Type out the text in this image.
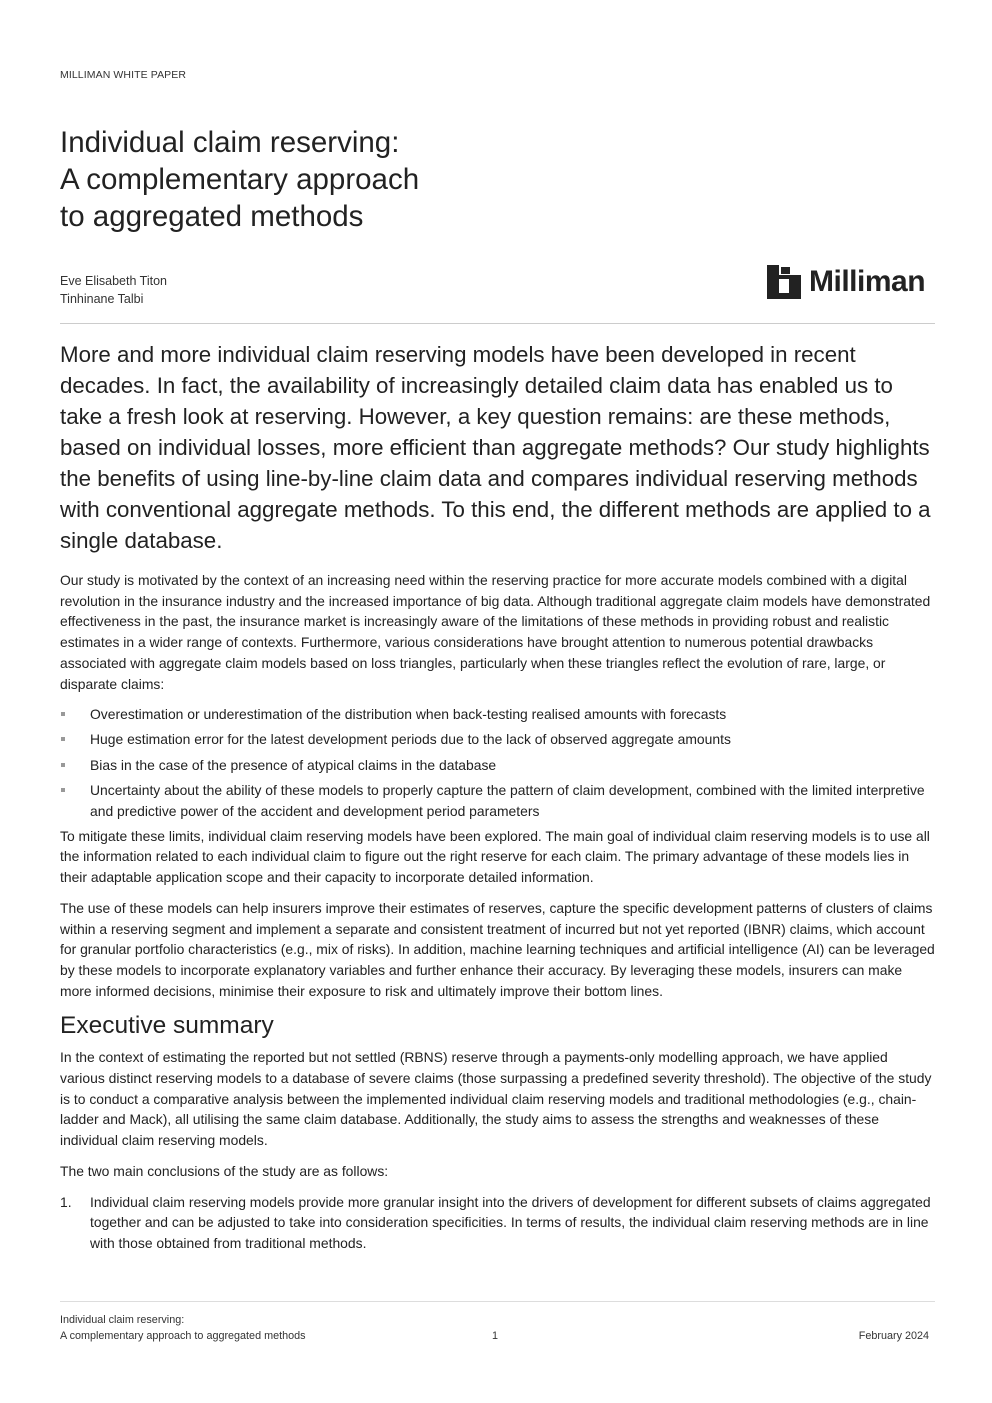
MILLIMAN WHITE PAPER
Individual claim reserving:
A complementary approach
to aggregated methods
Eve Elisabeth Titon
Tinhinane Talbi
Milliman

More and more individual claim reserving models have been developed in recent decades. In fact, the availability of increasingly detailed claim data has enabled us to take a fresh look at reserving. However, a key question remains: are these methods, based on individual losses, more efficient than aggregate methods? Our study highlights the benefits of using line-by-line claim data and compares individual reserving methods with conventional aggregate methods. To this end, the different methods are applied to a single database.

Our study is motivated by the context of an increasing need within the reserving practice for more accurate models combined with a digital revolution in the insurance industry and the increased importance of big data. Although traditional aggregate claim models have demonstrated effectiveness in the past, the insurance market is increasingly aware of the limitations of these methods in providing robust and realistic estimates in a wider range of contexts. Furthermore, various considerations have brought attention to numerous potential drawbacks associated with aggregate claim models based on loss triangles, particularly when these triangles reflect the evolution of rare, large, or disparate claims:

Overestimation or underestimation of the distribution when back-testing realised amounts with forecasts
Huge estimation error for the latest development periods due to the lack of observed aggregate amounts
Bias in the case of the presence of atypical claims in the database
Uncertainty about the ability of these models to properly capture the pattern of claim development, combined with the limited interpretive and predictive power of the accident and development period parameters

To mitigate these limits, individual claim reserving models have been explored. The main goal of individual claim reserving models is to use all the information related to each individual claim to figure out the right reserve for each claim. The primary advantage of these models lies in their adaptable application scope and their capacity to incorporate detailed information.

The use of these models can help insurers improve their estimates of reserves, capture the specific development patterns of clusters of claims within a reserving segment and implement a separate and consistent treatment of incurred but not yet reported (IBNR) claims, which account for granular portfolio characteristics (e.g., mix of risks). In addition, machine learning techniques and artificial intelligence (AI) can be leveraged by these models to incorporate explanatory variables and further enhance their accuracy. By leveraging these models, insurers can make more informed decisions, minimise their exposure to risk and ultimately improve their bottom lines.

Executive summary

In the context of estimating the reported but not settled (RBNS) reserve through a payments-only modelling approach, we have applied various distinct reserving models to a database of severe claims (those surpassing a predefined severity threshold). The objective of the study is to conduct a comparative analysis between the implemented individual claim reserving models and traditional methodologies (e.g., chain-ladder and Mack), all utilising the same claim database. Additionally, the study aims to assess the strengths and weaknesses of these individual claim reserving models.

The two main conclusions of the study are as follows:

1. Individual claim reserving models provide more granular insight into the drivers of development for different subsets of claims aggregated together and can be adjusted to take into consideration specificities. In terms of results, the individual claim reserving methods are in line with those obtained from traditional methods.
Individual claim reserving:
A complementary approach to aggregated methods	1	February 2024
